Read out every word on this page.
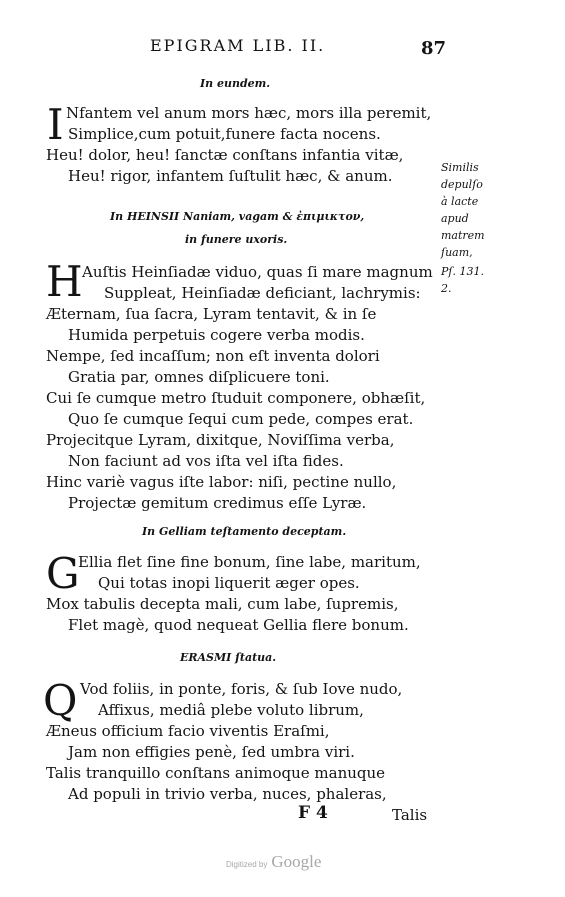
EPIGRAM LIB. II.	87
In eundem.
I Nfantem vel anum mors hæc, mors illa peremit,
Simplice,cum potuit,funere facta nocens.
Heu! dolor, heu! ſanctæ conſtans infantia vitæ,
Heu! rigor, infantem ſuſtulit hæc, & anum.
In HEINSII Naniam, vagam & ἐπιμικτον,
in funere uxoris.
H Auſtis Heinſiadæ viduo, quas ſi mare magnum
Suppleat, Heinſiadæ deficiant, lachrymis:
Æternam, ſua ſacra, Lyram tentavit, & in ſe
Humida perpetuis cogere verba modis.
Nempe, ſed incaſſum; non eſt inventa dolori
Gratia par, omnes diſplicuere toni.
Cui ſe cumque metro ſtuduit componere, obhæſit,
Quo ſe cumque ſequi cum pede, compes erat.
Projecitque Lyram, dixitque, Noviſſima verba,
Non faciunt ad vos iſta vel iſta fides.
Hinc variè vagus iſte labor: niſi, pectine nullo,
Projectæ gemitum credimus eſſe Lyræ.
Similis
depulſo
à lacte
apud
matrem
ſuam,
Pſ. 131.
2.
In Gelliam teſtamento deceptam.
G
Ellia flet ſine fine bonum, ſine labe, maritum,
Qui totas inopi liquerit æger opes.
Mox tabulis decepta mali, cum labe, ſupremis,
Flet magè, quod nequeat Gellia flere bonum.
ERASMI ſtatua.
Q Vod foliis, in ponte, foris, & ſub Iove nudo,
Affixus, mediâ plebe voluto librum,
Æneus officium facio viventis Eraſmi,
Jam non effigies penè, ſed umbra viri.
Talis tranquillo conſtans animoque manuque
Ad populi in trivio verba, nuces, phaleras,
F 4	Talis
Digitized by Google
